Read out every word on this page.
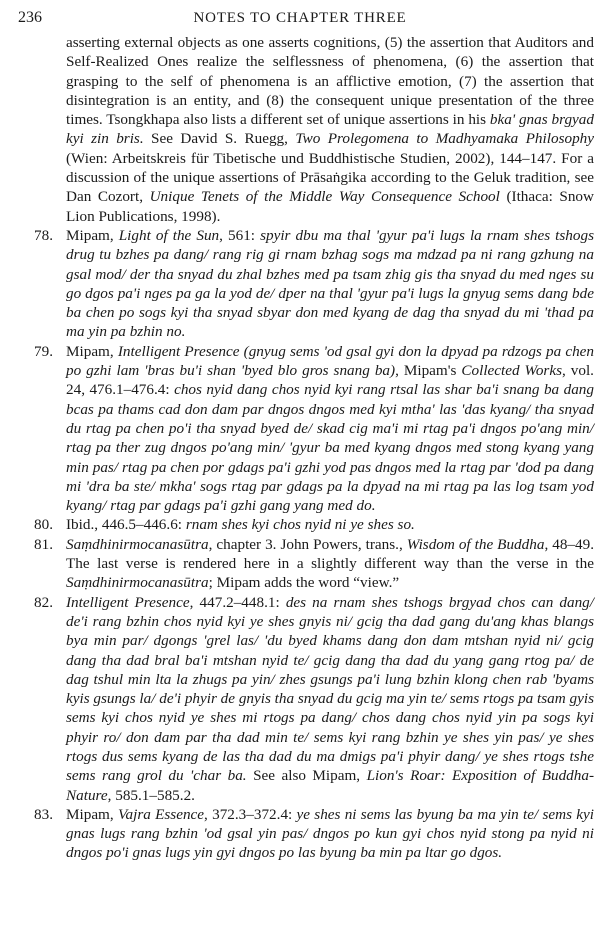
236	NOTES TO CHAPTER THREE
asserting external objects as one asserts cognitions, (5) the assertion that Auditors and Self-Realized Ones realize the selflessness of phenomena, (6) the assertion that grasping to the self of phenomena is an afflictive emotion, (7) the assertion that disintegration is an entity, and (8) the consequent unique presentation of the three times. Tsongkhapa also lists a different set of unique assertions in his bka' gnas brgyad kyi zin bris. See David S. Ruegg, Two Prolegomena to Madhyamaka Philosophy (Wien: Arbeitskreis für Tibetische und Buddhistische Studien, 2002), 144–147. For a discussion of the unique assertions of Prāsaṅgika according to the Geluk tradition, see Dan Cozort, Unique Tenets of the Middle Way Consequence School (Ithaca: Snow Lion Publications, 1998).
78. Mipam, Light of the Sun, 561: spyir dbu ma thal 'gyur pa'i lugs la rnam shes tshogs drug tu bzhes pa dang/ rang rig gi rnam bzhag sogs ma mdzad pa ni rang gzhung na gsal mod/ der tha snyad du zhal bzhes med pa tsam zhig gis tha snyad du med nges su go dgos pa'i nges pa ga la yod de/ dper na thal 'gyur pa'i lugs la gnyug sems dang bde ba chen po sogs kyi tha snyad sbyar don med kyang de dag tha snyad du mi 'thad pa ma yin pa bzhin no.
79. Mipam, Intelligent Presence (gnyug sems 'od gsal gyi don la dpyad pa rdzogs pa chen po gzhi lam 'bras bu'i shan 'byed blo gros snang ba), Mipam's Collected Works, vol. 24, 476.1–476.4: chos nyid dang chos nyid kyi rang rtsal las shar ba'i snang ba dang bcas pa thams cad don dam par dngos dngos med kyi mtha' las 'das kyang/ tha snyad du rtag pa chen po'i tha snyad byed de/ skad cig ma'i mi rtag pa'i dngos po'ang min/ rtag pa ther zug dngos po'ang min/ 'gyur ba med kyang dngos med stong kyang yang min pas/ rtag pa chen por gdags pa'i gzhi yod pas dngos med la rtag par 'dod pa dang mi 'dra ba ste/ mkha' sogs rtag par gdags pa la dpyad na mi rtag pa las log tsam yod kyang/ rtag par gdags pa'i gzhi gang yang med do.
80. Ibid., 446.5–446.6: rnam shes kyi chos nyid ni ye shes so.
81. Saṃdhinirmocanasūtra, chapter 3. John Powers, trans., Wisdom of the Buddha, 48–49. The last verse is rendered here in a slightly different way than the verse in the Saṃdhinirmocanasūtra; Mipam adds the word “view.”
82. Intelligent Presence, 447.2–448.1: des na rnam shes tshogs brgyad chos can dang/ de'i rang bzhin chos nyid kyi ye shes gnyis ni/ gcig tha dad gang du'ang khas blangs bya min par/ dgongs 'grel las/ 'du byed khams dang don dam mtshan nyid ni/ gcig dang tha dad bral ba'i mtshan nyid te/ gcig dang tha dad du yang gang rtog pa/ de dag tshul min lta la zhugs pa yin/ zhes gsungs pa'i lung bzhin klong chen rab 'byams kyis gsungs la/ de'i phyir de gnyis tha snyad du gcig ma yin te/ sems rtogs pa tsam gyis sems kyi chos nyid ye shes mi rtogs pa dang/ chos dang chos nyid yin pa sogs kyi phyir ro/ don dam par tha dad min te/ sems kyi rang bzhin ye shes yin pas/ ye shes rtogs dus sems kyang de las tha dad du ma dmigs pa'i phyir dang/ ye shes rtogs tshe sems rang grol du 'char ba. See also Mipam, Lion's Roar: Exposition of Buddha-Nature, 585.1–585.2.
83. Mipam, Vajra Essence, 372.3–372.4: ye shes ni sems las byung ba ma yin te/ sems kyi gnas lugs rang bzhin 'od gsal yin pas/ dngos po kun gyi chos nyid stong pa nyid ni dngos po'i gnas lugs yin gyi dngos po las byung ba min pa ltar go dgos.
